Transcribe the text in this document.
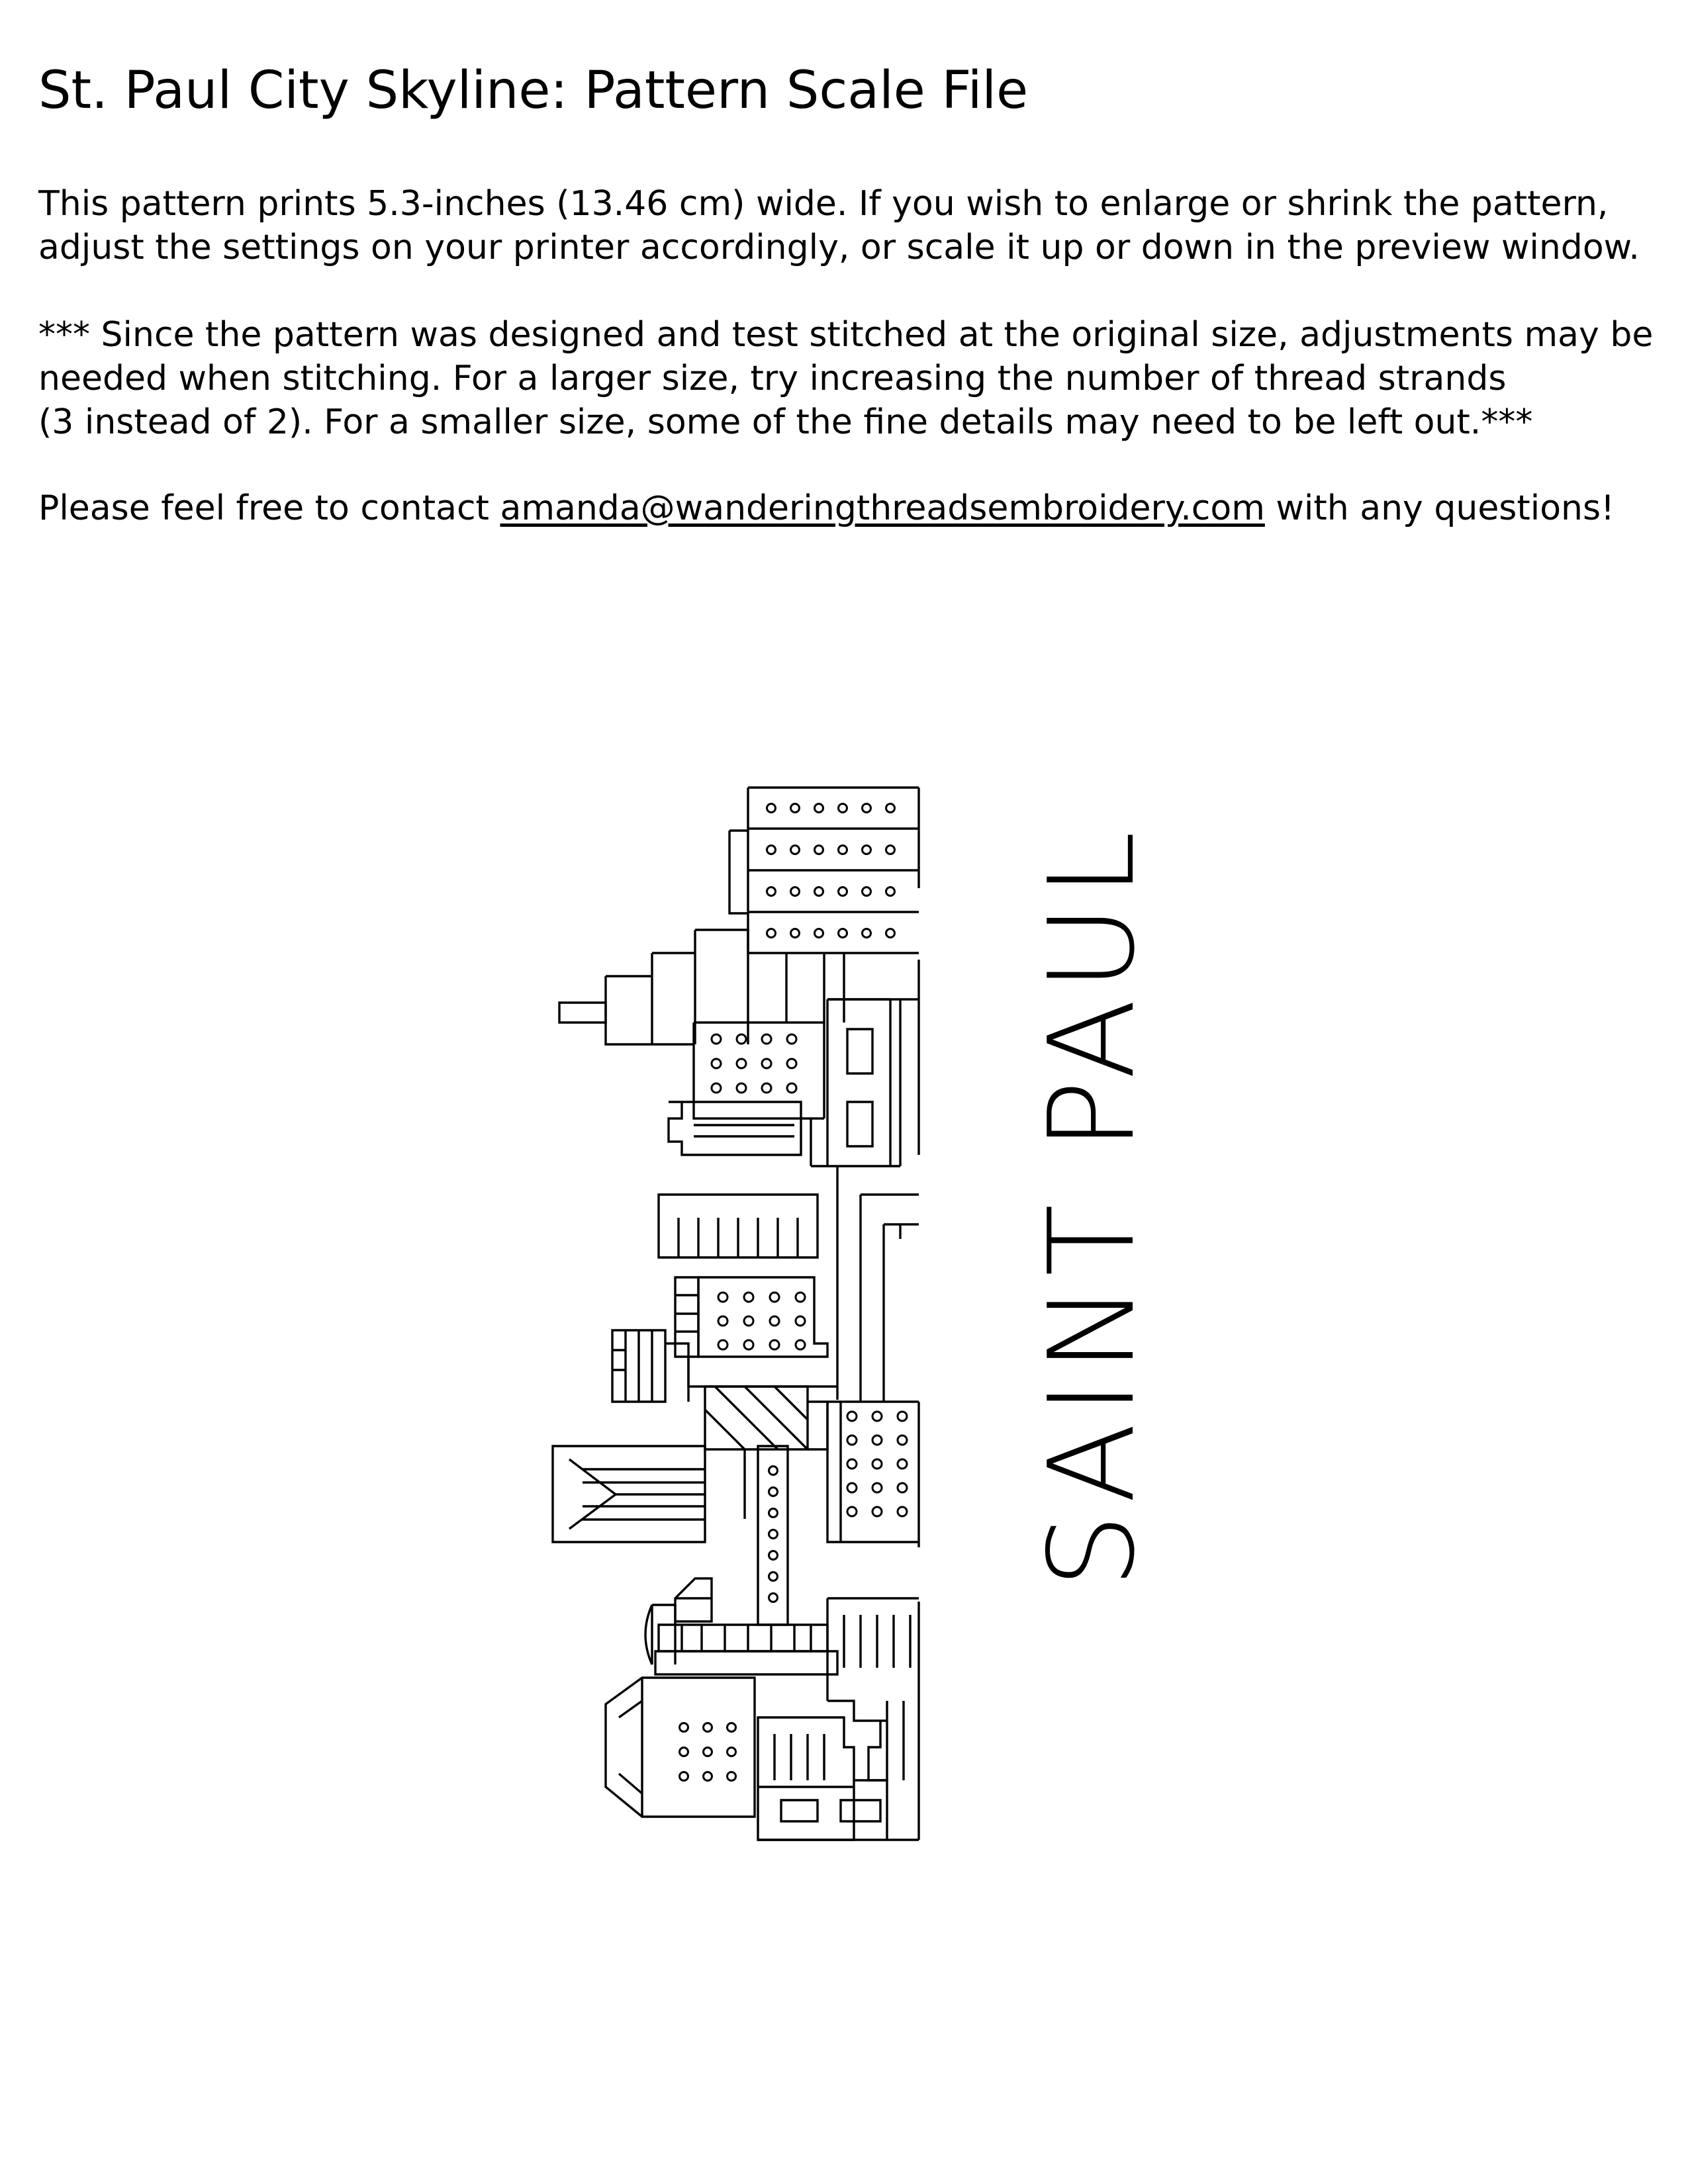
St. Paul City Skyline: Pattern Scale File
This pattern prints 5.3-inches (13.46 cm) wide. If you wish to enlarge or shrink the pattern,
adjust the settings on your printer accordingly, or scale it up or down in the preview window.
*** Since the pattern was designed and test stitched at the original size, adjustments may be
needed when stitching. For a larger size, try increasing the number of thread strands
(3 instead of 2). For a smaller size, some of the fine details may need to be left out.***
Please feel free to contact amanda@wanderingthreadsembroidery.com with any questions!
SAINT PAUL
